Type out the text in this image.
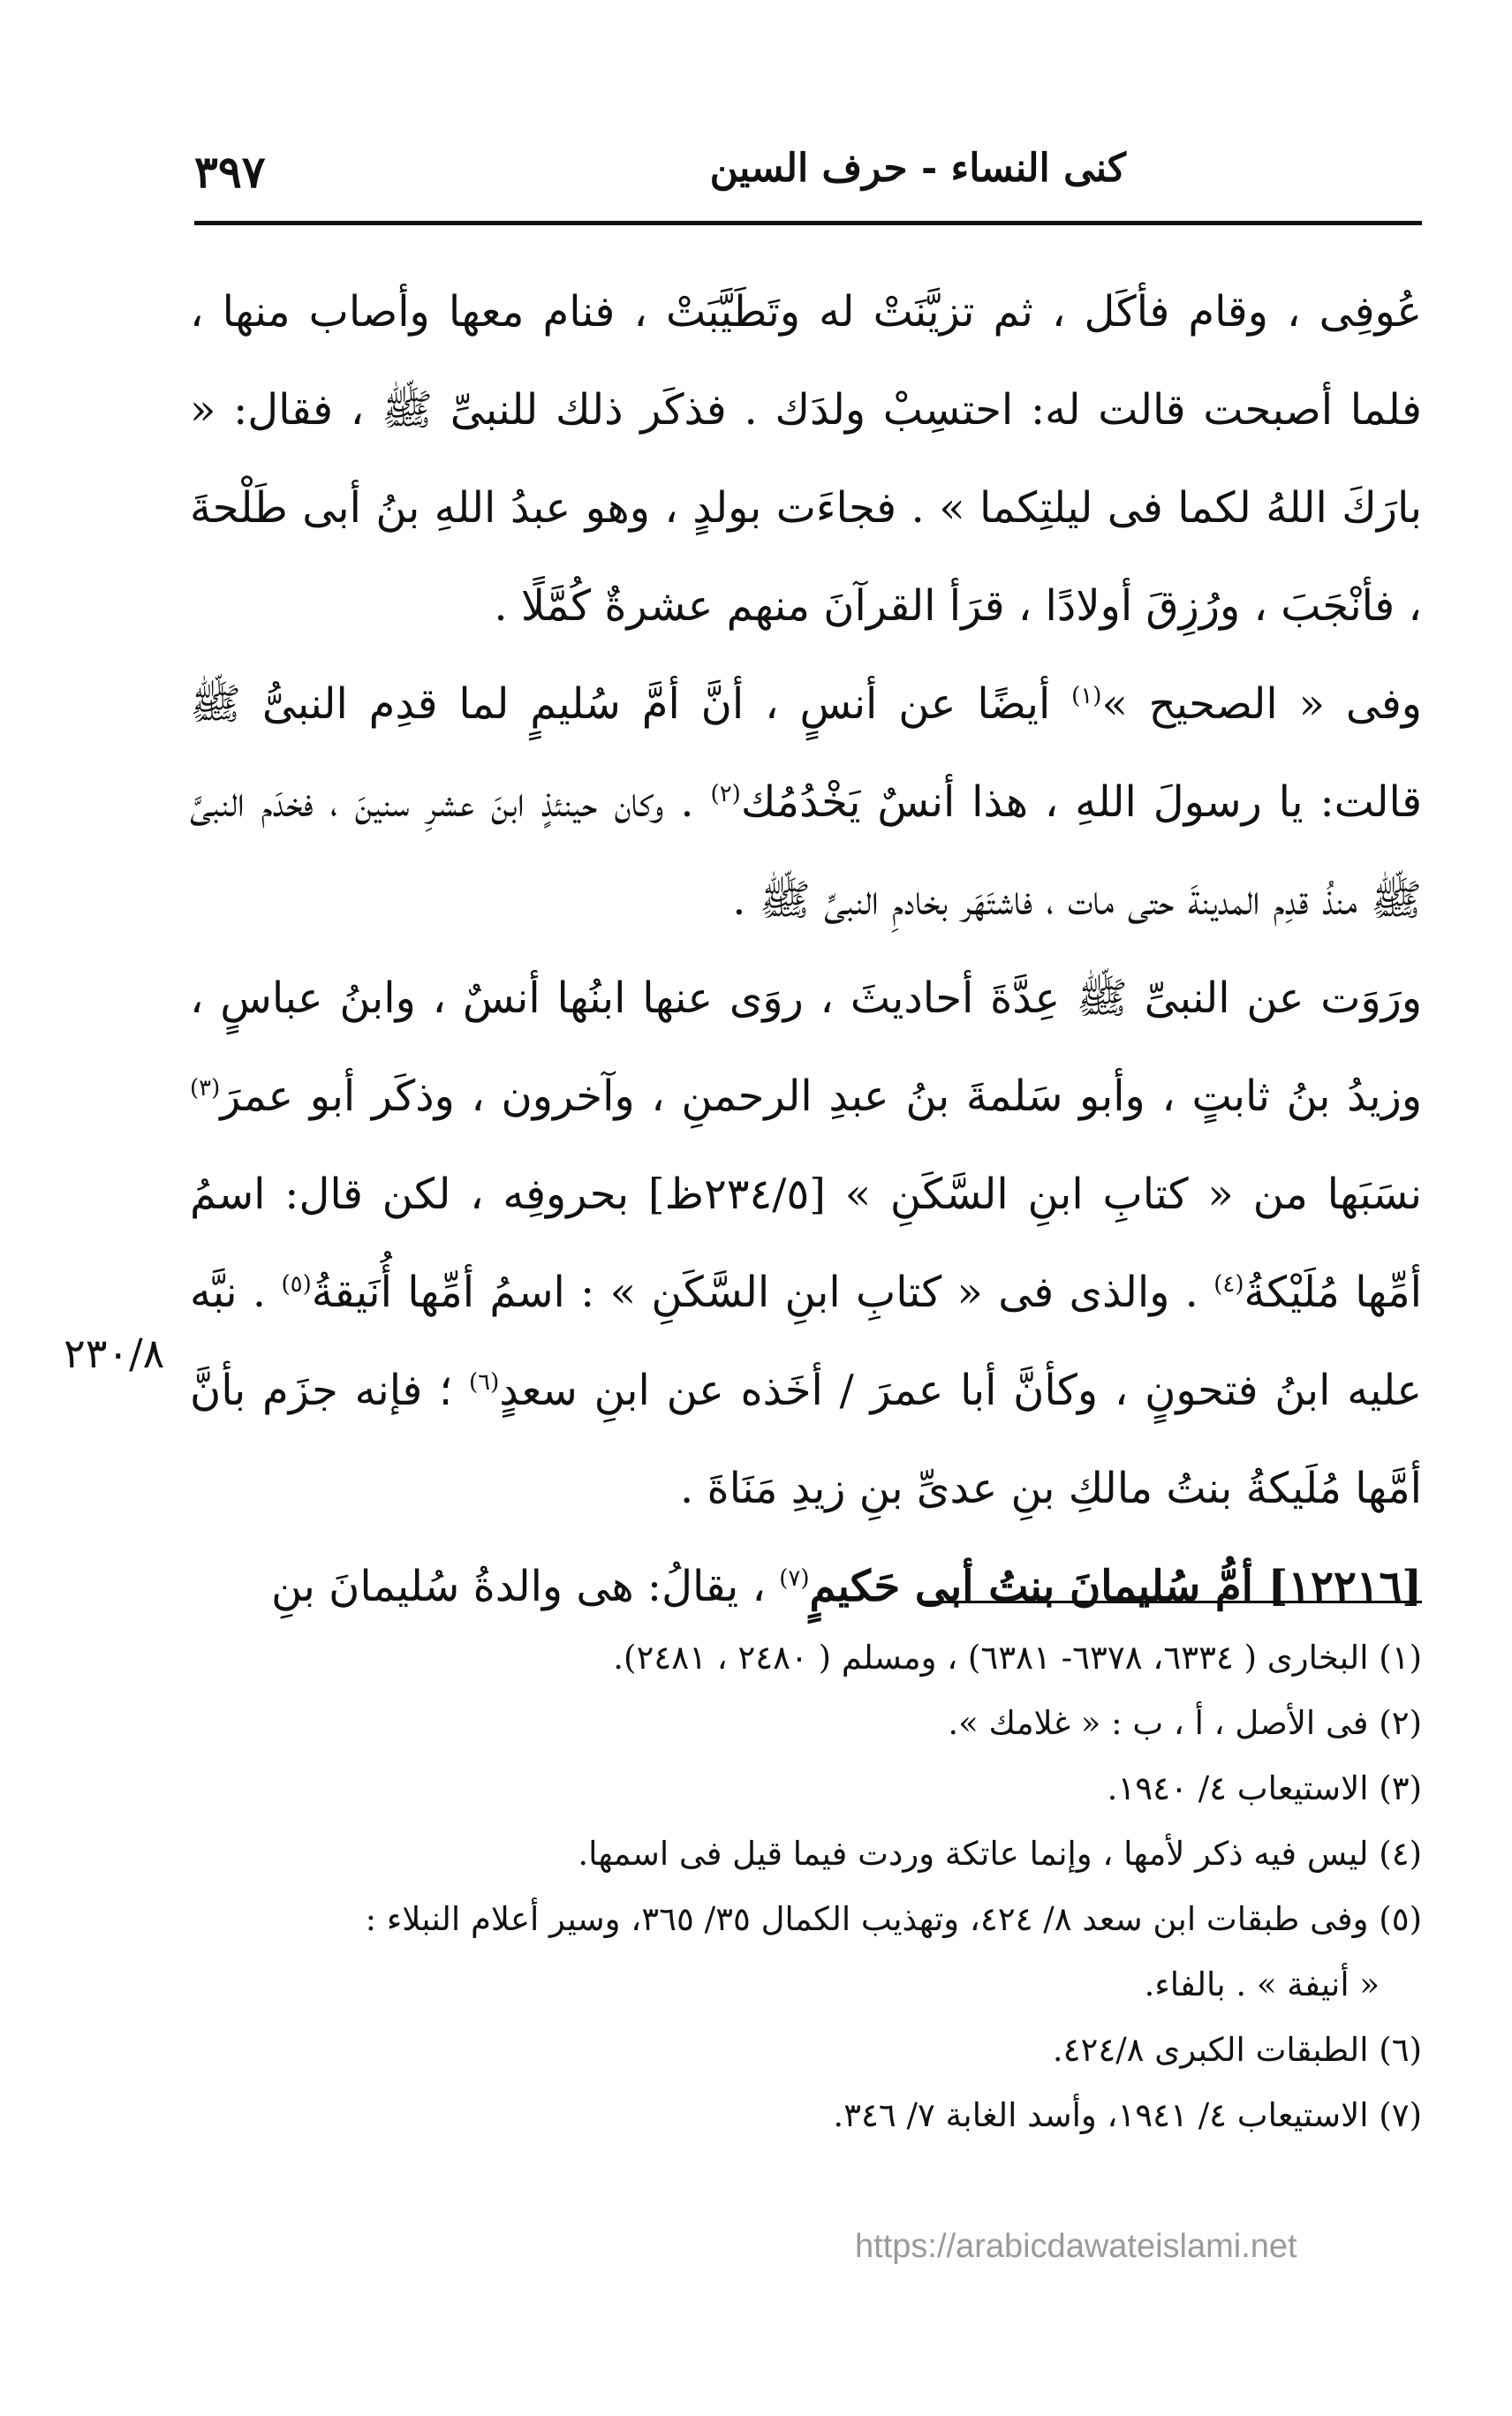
٣٩٧	كنى النساء - حرف السين

عُوفِى ، وقام فأكَل ، ثم تزيَّنَتْ له وتَطَيَّبَتْ ، فنام معها وأصاب منها ، فلما أصبحت قالت له: احتسِبْ ولدَك . فذكَر ذلك للنبىِّ ﷺ ، فقال: « بارَكَ اللهُ لكما فى ليلتِكما » . فجاءَت بولدٍ ، وهو عبدُ اللهِ بنُ أبى طَلْحةَ ، فأنْجَبَ ، ورُزِقَ أولادًا ، قرَأ القرآنَ منهم عشرةٌ كُمَّلًا .

وفى « الصحيح »$^{(١)}$ أيضًا عن أنسٍ ، أنَّ أمَّ سُليمٍ لما قدِم النبىُّ ﷺ قالت: يا رسولَ اللهِ ، هذا أنسٌ يَخْدُمُك$^{(٢)}$ . وكان حينئذٍ ابنَ عشرِ سنينَ ، فخدَم النبىَّ ﷺ منذُ قدِم المدينةَ حتى مات ، فاشتَهَر بخادمِ النبىِّ ﷺ .

ورَوَت عن النبىِّ ﷺ عِدَّةَ أحاديثَ ، روَى عنها ابنُها أنسٌ ، وابنُ عباسٍ ، وزيدُ بنُ ثابتٍ ، وأبو سَلمةَ بنُ عبدِ الرحمنِ ، وآخرون ، وذكَر أبو عمرَ$^{(٣)}$ نسَبَها من « كتابِ ابنِ السَّكَنِ » [٢٣٤/٥ظ] بحروفِه ، لكن قال: اسمُ أمِّها مُلَيْكةُ$^{(٤)}$ . والذى فى « كتابِ ابنِ السَّكَنِ » : اسمُ أمِّها أُنَيقةُ$^{(٥)}$ . نبَّه عليه ابنُ فتحونٍ ، وكأنَّ أبا عمرَ / أخَذه عن ابنِ سعدٍ$^{(٦)}$ ؛ فإنه جزَم بأنَّ أمَّها مُلَيكةُ بنتُ مالكِ بنِ عدىِّ بنِ زيدِ مَنَاةَ .

[١٢٢١٦] أمُّ سُليمانَ بنتُ أبى حَكيمٍ$^{(٧)}$ ، يقالُ: هى والدةُ سُليمانَ بنِ

٢٣٠/٨

(١) البخارى ( ٦٣٣٤، ٦٣٧٨- ٦٣٨١) ، ومسلم ( ٢٤٨٠ ، ٢٤٨١).

(٢) فى الأصل ، أ ، ب : « غلامك ».

(٣) الاستيعاب ٤/ ١٩٤٠.

(٤) ليس فيه ذكر لأمها ، وإنما عاتكة وردت فيما قيل فى اسمها.

(٥) وفى طبقات ابن سعد ٨/ ٤٢٤، وتهذيب الكمال ٣٥/ ٣٦٥، وسير أعلام النبلاء :

« أنيفة » . بالفاء.

(٦) الطبقات الكبرى ٤٢٤/٨.

(٧) الاستيعاب ٤/ ١٩٤١، وأسد الغابة ٧/ ٣٤٦.

https://arabicdawateislami.net
